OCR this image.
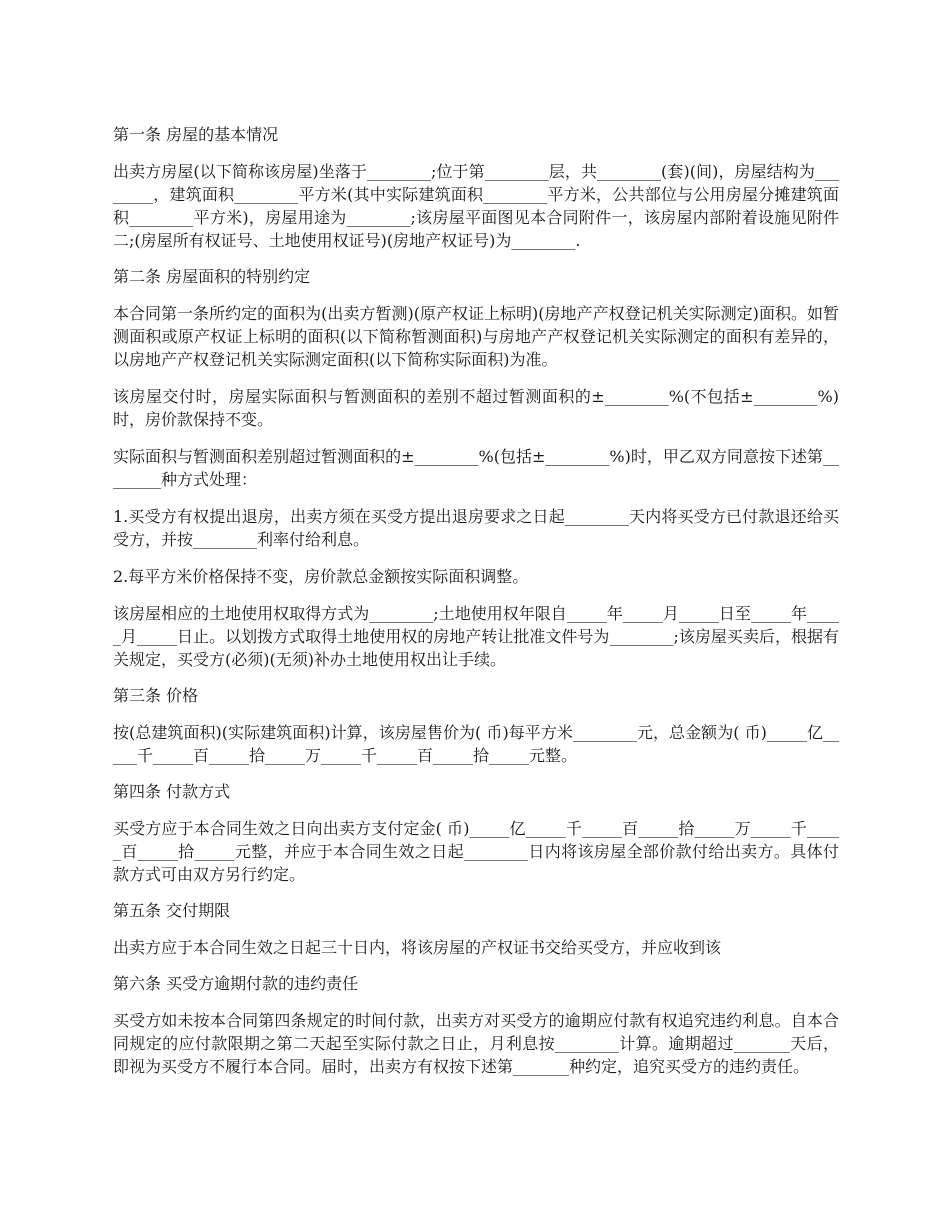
第一条 房屋的基本情况
出卖方房屋(以下简称该房屋)坐落于________;位于第________层，共________(套)(间)，房屋结构为________，建筑面积________平方米(其中实际建筑面积________平方米，公共部位与公用房屋分摊建筑面积________平方米)，房屋用途为________;该房屋平面图见本合同附件一，该房屋内部附着设施见附件二;(房屋所有权证号、土地使用权证号)(房地产权证号)为________.
第二条 房屋面积的特别约定
本合同第一条所约定的面积为(出卖方暂测)(原产权证上标明)(房地产产权登记机关实际测定)面积。如暂测面积或原产权证上标明的面积(以下简称暂测面积)与房地产产权登记机关实际测定的面积有差异的，以房地产产权登记机关实际测定面积(以下简称实际面积)为准。
该房屋交付时，房屋实际面积与暂测面积的差别不超过暂测面积的±________%(不包括±________%)时，房价款保持不变。
实际面积与暂测面积差别超过暂测面积的±________%(包括±________%)时，甲乙双方同意按下述第________种方式处理：
1.买受方有权提出退房，出卖方须在买受方提出退房要求之日起________天内将买受方已付款退还给买受方，并按________利率付给利息。
2.每平方米价格保持不变，房价款总金额按实际面积调整。
该房屋相应的土地使用权取得方式为________;土地使用权年限自_____年_____月_____日至_____年_____月_____日止。以划拨方式取得土地使用权的房地产转让批准文件号为________;该房屋买卖后，根据有关规定，买受方(必须)(无须)补办土地使用权出让手续。
第三条 价格
按(总建筑面积)(实际建筑面积)计算，该房屋售价为( 币)每平方米________元，总金额为( 币)_____亿_____千_____百_____拾_____万_____千_____百_____拾_____元整。
第四条 付款方式
买受方应于本合同生效之日向出卖方支付定金( 币)_____亿_____千_____百_____拾_____万_____千_____百_____拾_____元整，并应于本合同生效之日起________日内将该房屋全部价款付给出卖方。具体付款方式可由双方另行约定。
第五条 交付期限
出卖方应于本合同生效之日起三十日内，将该房屋的产权证书交给买受方，并应收到该
第六条 买受方逾期付款的违约责任
买受方如未按本合同第四条规定的时间付款，出卖方对买受方的逾期应付款有权追究违约利息。自本合同规定的应付款限期之第二天起至实际付款之日止，月利息按________计算。逾期超过_______天后，即视为买受方不履行本合同。届时，出卖方有权按下述第_______种约定，追究买受方的违约责任。
